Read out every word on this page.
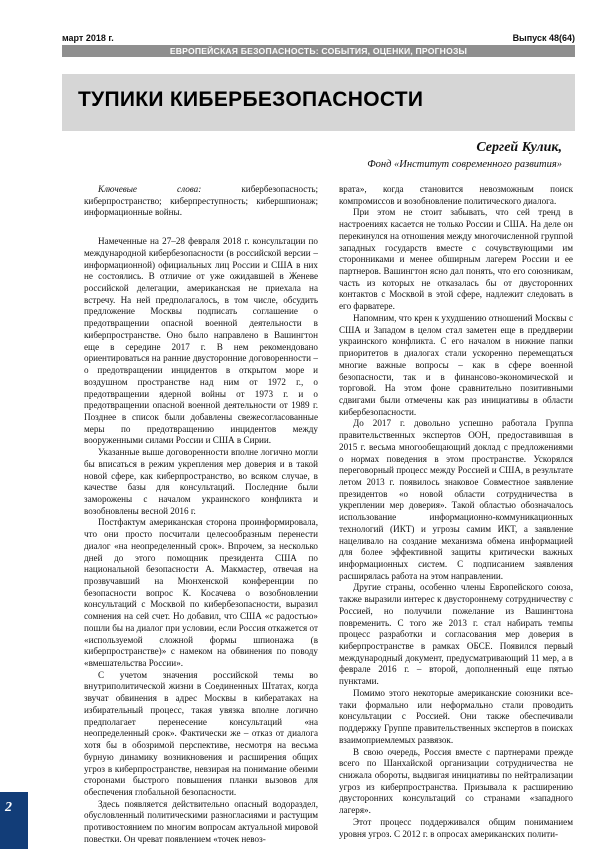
2
март 2018 г.	Выпуск 48(64)
ЕВРОПЕЙСКАЯ БЕЗОПАСНОСТЬ: СОБЫТИЯ, ОЦЕНКИ, ПРОГНОЗЫ
ТУПИКИ КИБЕРБЕЗОПАСНОСТИ
Сергей Кулик,
Фонд «Институт современного развития»

Ключевые слова:	кибербезопасность; киберпространство; киберпреступность; кибершпионаж; информационные войны.

Намеченные на 27–28 февраля 2018 г. консультации по международной кибербезопасности (в российской версии – информационной) официальных лиц России и США в них не состоялись. В отличие от уже ожидавшей в Женеве российской делегации, американская не приехала на встречу. На ней предполагалось, в том числе, обсудить предложение Москвы подписать соглашение о предотвращении опасной военной деятельности в киберпространстве. Оно было направлено в Вашингтон еще в середине 2017 г. В нем рекомендовано ориентироваться на ранние двусторонние договоренности – о предотвращении инцидентов в открытом море и воздушном пространстве над ним от 1972 г., о предотвращении ядерной войны от 1973 г. и о предотвращении опасной военной деятельности от 1989 г. Позднее в список были добавлены свежесогласованные меры по предотвращению инцидентов между вооруженными силами России и США в Сирии.

Указанные выше договоренности вполне логично могли бы вписаться в режим укрепления мер доверия и в такой новой сфере, как киберпространство, во всяком случае, в качестве базы для консультаций. Последние были заморожены с началом украинского конфликта и возобновлены весной 2016 г.

Постфактум американская сторона проинформировала, что они просто посчитали целесообразным перенести диалог «на неопределенный срок». Впрочем, за несколько дней до этого помощник президента США по национальной безопасности А. Макмастер, отвечая на прозвучавший на Мюнхенской конференции по безопасности вопрос К. Косачева о возобновлении консультаций с Москвой по кибербезопасности, выразил сомнения на сей счет. Но добавил, что США «с радостью» пошли бы на диалог при условии, если Россия откажется от «используемой сложной формы шпионажа (в киберпространстве)» с намеком на обвинения по поводу «вмешательства России».

С учетом значения российской темы во внутриполитической жизни в Соединенных Штатах, когда звучат обвинения в адрес Москвы в кибератаках на избирательный процесс, такая увязка вполне логично предполагает перенесение консультаций «на неопределенный срок». Фактически же – отказ от диалога хотя бы в обозримой перспективе, несмотря на весьма бурную динамику возникновения и расширения общих угроз в киберпространстве, невзирая на понимание обеими сторонами быстрого повышения планки вызовов для обеспечения глобальной безопасности.

Здесь появляется действительно опасный водораздел, обусловленный политическими разногласиями и растущим противостоянием по многим вопросам актуальной мировой повестки. Он чреват появлением «точек невоз-

врата», когда становится невозможным поиск компромиссов и возобновление политического диалога.

При этом не стоит забывать, что сей тренд в настроениях касается не только России и США. На деле он перекинулся на отношения между многочисленной группой западных государств вместе с сочувствующими им сторонниками и менее обширным лагерем России и ее партнеров. Вашингтон ясно дал понять, что его союзникам, часть из которых не отказалась бы от двусторонних контактов с Москвой в этой сфере, надлежит следовать в его фарватере.

Напомним, что крен к ухудшению отношений Москвы с США и Западом в целом стал заметен еще в преддверии украинского конфликта. С его началом в нижние папки приоритетов в диалогах стали ускоренно перемещаться многие важные вопросы – как в сфере военной безопасности, так и в финансово-экономической и торговой. На этом фоне сравнительно позитивными сдвигами были отмечены как раз инициативы в области кибербезопасности.

До 2017 г. довольно успешно работала Группа правительственных экспертов ООН, предоставившая в 2015 г. весьма многообещающий доклад с предложениями о нормах поведения в этом пространстве. Ускорялся переговорный процесс между Россией и США, в результате летом 2013 г. появилось знаковое Совместное заявление президентов «о новой области сотрудничества в укреплении мер доверия». Такой областью обозначалось использование информационно-коммуникационных технологий (ИКТ) и угрозы самим ИКТ, а заявление нацеливало на создание механизма обмена информацией для более эффективной защиты критически важных информационных систем. С подписанием заявления расширялась работа на этом направлении.

Другие страны, особенно члены Европейского союза, также выразили интерес к двустороннему сотрудничеству с Россией, но получили пожелание из Вашингтона повременить. С того же 2013 г. стал набирать темпы процесс разработки и согласования мер доверия в киберпространстве в рамках ОБСЕ. Появился первый международный документ, предусматривающий 11 мер, а в феврале 2016 г. – второй, дополненный еще пятью пунктами.

Помимо этого некоторые американские союзники все-таки формально или неформально стали проводить консультации с Россией. Они также обеспечивали поддержку Группе правительственных экспертов в поисках взаимоприемлемых развязок.

В свою очередь, Россия вместе с партнерами прежде всего по Шанхайской организации сотрудничества не снижала обороты, выдвигая инициативы по нейтрализации угроз из киберпространства. Призывала к расширению двусторонних консультаций со странами «западного лагеря».

Этот процесс поддерживался общим пониманием уровня угроз. С 2012 г. в опросах американских полити-
